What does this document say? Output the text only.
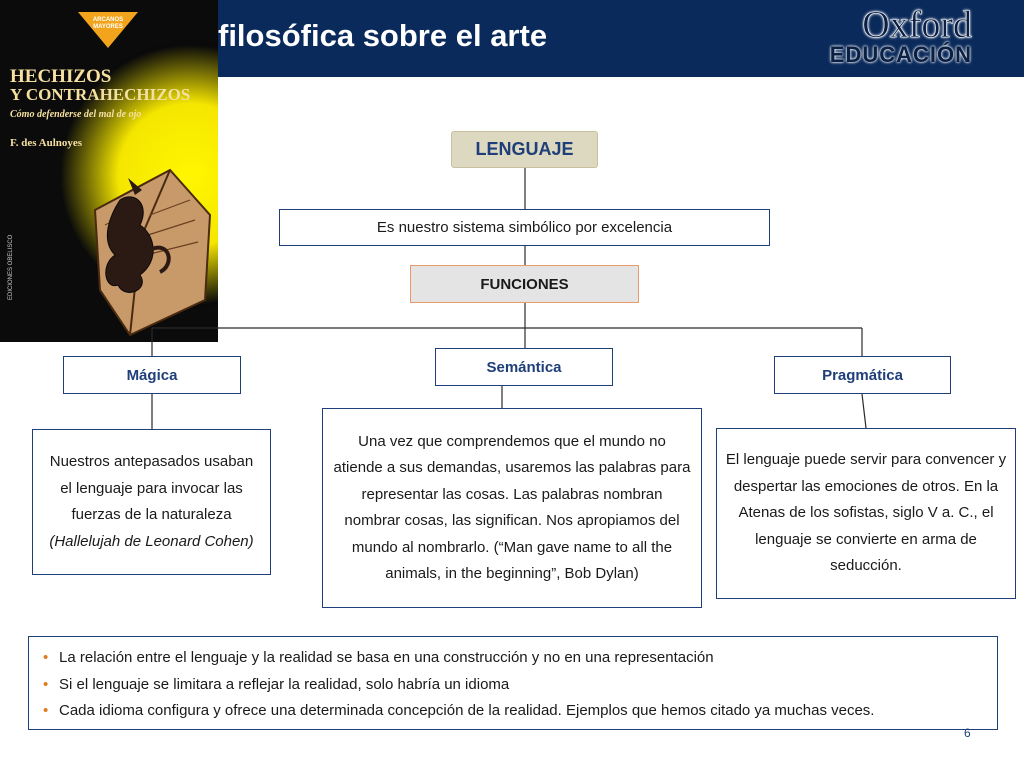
filosófica sobre el arte	Oxford
EDUCACIÓN
ARCANOS
MAYORES
HECHIZOS
Y CONTRAHECHIZOS
Cómo defenderse del mal de ojo
F. des Aulnoyes
EDICIONES OBELISCO
LENGUAJE
Es nuestro sistema simbólico por excelencia
FUNCIONES
Mágica	Semántica	Pragmática
Nuestros antepasados usaban el lenguaje para invocar las fuerzas de la naturaleza (Hallelujah de Leonard Cohen)
Una vez que comprendemos que el mundo no atiende a sus demandas, usaremos las palabras para representar las cosas. Las palabras nombran nombrar cosas, las significan. Nos apropiamos del mundo al nombrarlo. (“Man gave name to all the animals, in the beginning”, Bob Dylan)
El lenguaje puede servir para convencer y despertar las emociones de otros. En la Atenas de los sofistas, siglo V a. C., el lenguaje se convierte en arma de seducción.
• La relación entre el lenguaje y la realidad se basa en una construcción y no en una representación
• Si el lenguaje se limitara a reflejar la realidad, solo habría un idioma
• Cada idioma configura y ofrece una determinada concepción de la realidad. Ejemplos que hemos citado ya muchas veces.
6
